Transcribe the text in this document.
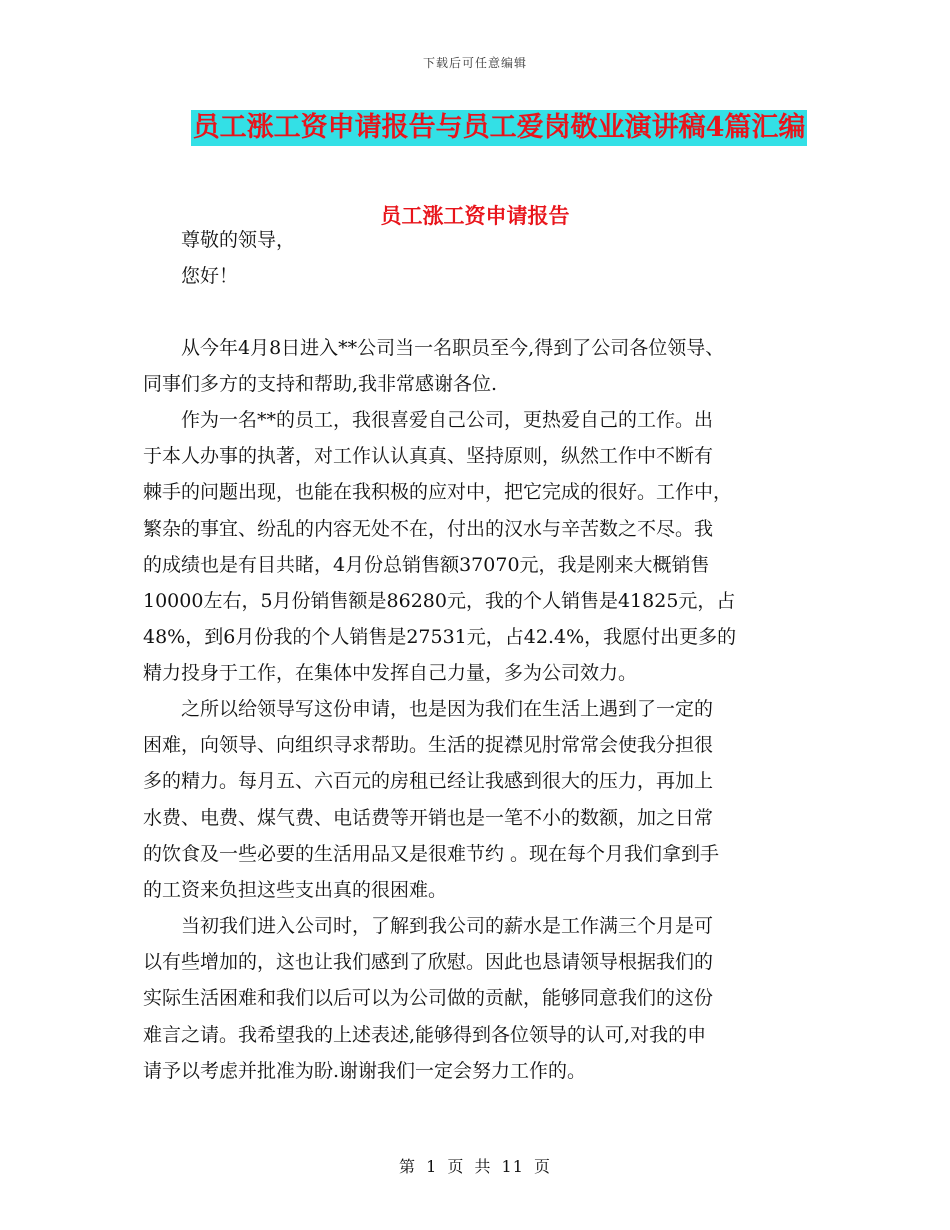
下载后可任意编辑
员工涨工资申请报告与员工爱岗敬业演讲稿4篇汇编
员工涨工资申请报告

尊敬的领导，

您好！

从今年4月8日进入**公司当一名职员至今,得到了公司各位领导、
同事们多方的支持和帮助,我非常感谢各位.

作为一名**的员工，我很喜爱自己公司，更热爱自己的工作。出
于本人办事的执著，对工作认认真真、坚持原则，纵然工作中不断有
棘手的问题出现，也能在我积极的应对中，把它完成的很好。工作中，
繁杂的事宜、纷乱的内容无处不在，付出的汉水与辛苦数之不尽。我
的成绩也是有目共睹，4月份总销售额37070元，我是刚来大概销售
10000左右，5月份销售额是86280元，我的个人销售是41825元，占
48%，到6月份我的个人销售是27531元，占42.4%，我愿付出更多的
精力投身于工作，在集体中发挥自己力量，多为公司效力。

之所以给领导写这份申请，也是因为我们在生活上遇到了一定的
困难，向领导、向组织寻求帮助。生活的捉襟见肘常常会使我分担很
多的精力。每月五、六百元的房租已经让我感到很大的压力，再加上
水费、电费、煤气费、电话费等开销也是一笔不小的数额，加之日常
的饮食及一些必要的生活用品又是很难节约 。现在每个月我们拿到手
的工资来负担这些支出真的很困难。

当初我们进入公司时，了解到我公司的薪水是工作满三个月是可
以有些增加的，这也让我们感到了欣慰。因此也恳请领导根据我们的
实际生活困难和我们以后可以为公司做的贡献，能够同意我们的这份
难言之请。我希望我的上述表述,能够得到各位领导的认可,对我的申
请予以考虑并批准为盼.谢谢我们一定会努力工作的。

第 1 页 共 11 页
